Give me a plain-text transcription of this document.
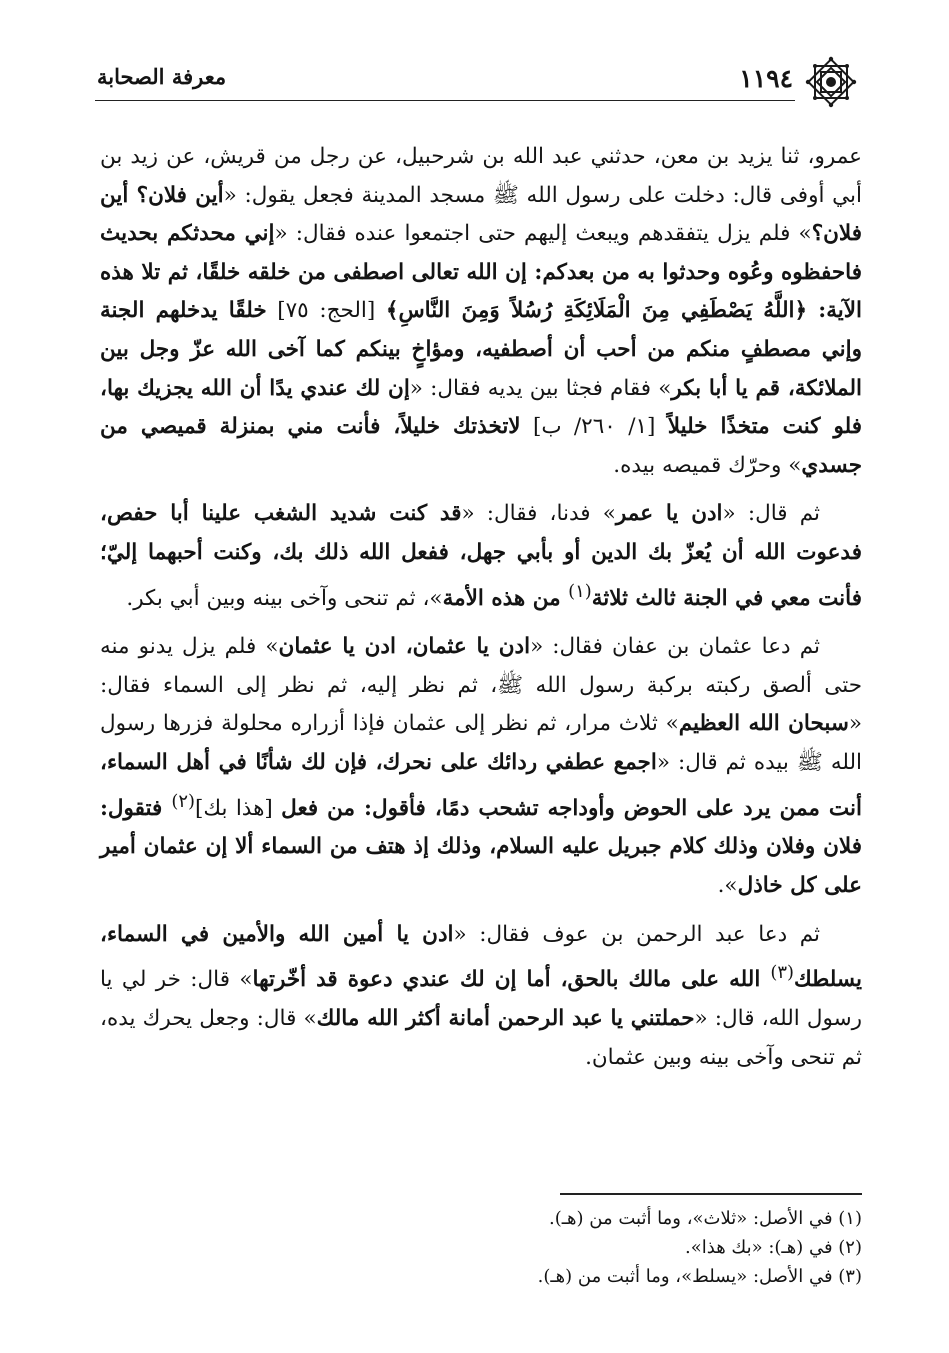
١١٩٤
معرفة الصحابة

عمرو، ثنا يزيد بن معن، حدثني عبد الله بن شرحبيل، عن رجل من قريش، عن زيد بن أبي أوفى قال: دخلت على رسول الله ﷺ مسجد المدينة فجعل يقول: «أين فلان؟ أين فلان؟» فلم يزل يتفقدهم ويبعث إليهم حتى اجتمعوا عنده فقال: «إني محدثكم بحديث فاحفظوه وعُوه وحدثوا به من بعدكم: إن الله تعالى اصطفى من خلقه خلقًا، ثم تلا هذه الآية: ﴿اللَّهُ يَصْطَفِي مِنَ الْمَلَائِكَةِ رُسُلاً وَمِنَ النَّاسِ﴾ [الحج: ٧٥] خلقًا يدخلهم الجنة وإني مصطفٍ منكم من أحب أن أصطفيه، ومؤاخٍ بينكم كما آخى الله عزّ وجل بين الملائكة، قم يا أبا بكر» فقام فجثا بين يديه فقال: «إن لك عندي يدًا أن الله يجزيك بها، فلو كنت متخذًا خليلاً [١/ ٢٦٠/ ب] لاتخذتك خليلاً، فأنت مني بمنزلة قميصي من جسدي» وحرّك قميصه بيده.

ثم قال: «ادن يا عمر» فدنا، فقال: «قد كنت شديد الشغب علينا أبا حفص، فدعوت الله أن يُعزّ بك الدين أو بأبي جهل، ففعل الله ذلك بك، وكنت أحبهما إليّ؛ فأنت معي في الجنة ثالث ثلاثة$^{(١)}$ من هذه الأمة»، ثم تنحى وآخى بينه وبين أبي بكر.

ثم دعا عثمان بن عفان فقال: «ادن يا عثمان، ادن يا عثمان» فلم يزل يدنو منه حتى ألصق ركبته بركبة رسول الله ﷺ، ثم نظر إليه، ثم نظر إلى السماء فقال: «سبحان الله العظيم» ثلاث مرار، ثم نظر إلى عثمان فإذا أزراره محلولة فزرها رسول الله ﷺ بيده ثم قال: «اجمع عطفي ردائك على نحرك، فإن لك شأنًا في أهل السماء، أنت ممن يرد على الحوض وأوداجه تشحب دمًا، فأقول: من فعل [هذا بك]$^{(٢)}$ فتقول: فلان وفلان وذلك كلام جبريل عليه السلام، وذلك إذ هتف من السماء ألا إن عثمان أمير على كل خاذل».

ثم دعا عبد الرحمن بن عوف فقال: «ادن يا أمين الله والأمين في السماء، يسلطك$^{(٣)}$ الله على مالك بالحق، أما إن لك عندي دعوة قد أخّرتها» قال: خر لي يا رسول الله، قال: «حملتني يا عبد الرحمن أمانة أكثر الله مالك» قال: وجعل يحرك يده، ثم تنحى وآخى بينه وبين عثمان.

(١) في الأصل: «ثلاث»، وما أثبت من (هـ).
(٢) في (هـ): «بك هذا».
(٣) في الأصل: «يسلط»، وما أثبت من (هـ).
